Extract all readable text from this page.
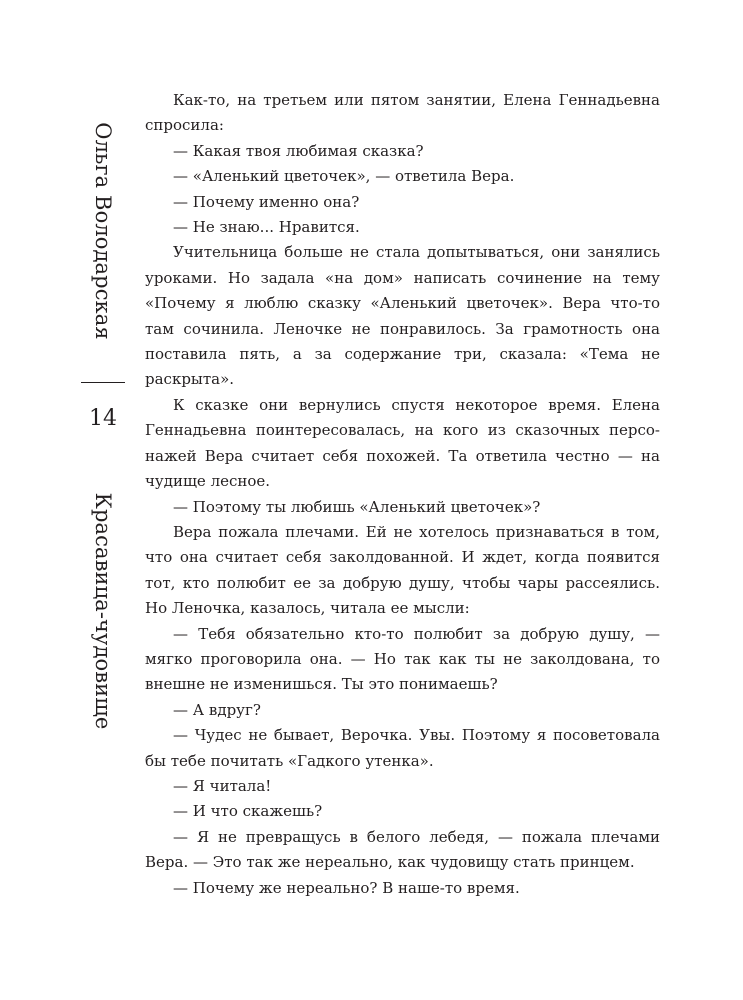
Ольга Володарская
14
Красавица-чудовище

Как-то, на третьем или пятом занятии, Елена Геннадьевна спросила:

— Какая твоя любимая сказка?

— «Аленький цветочек», — ответила Вера.

— Почему именно она?

— Не знаю... Нравится.

Учительница больше не стала допытываться, они занялись уроками. Но задала «на дом» написать сочинение на тему «Почему я люблю сказку «Аленький цветочек». Вера что-то там сочинила. Леночке не понравилось. За грамотность она поставила пять, а за содержание три, сказала: «Тема не раскрыта».

К сказке они вернулись спустя некоторое время. Елена Геннадьевна поинтересовалась, на кого из сказочных персонажей Вера считает себя похожей. Та ответила честно — на чудище лесное.

— Поэтому ты любишь «Аленький цветочек»?

Вера пожала плечами. Ей не хотелось признаваться в том, что она считает себя заколдованной. И ждет, когда появится тот, кто полюбит ее за добрую душу, чтобы чары рассеялись. Но Леночка, казалось, читала ее мысли:

— Тебя обязательно кто-то полюбит за добрую душу, — мягко проговорила она. — Но так как ты не заколдована, то внешне не изменишься. Ты это понимаешь?

— А вдруг?

— Чудес не бывает, Верочка. Увы. Поэтому я посоветовала бы тебе почитать «Гадкого утенка».

— Я читала!

— И что скажешь?

— Я не превращусь в белого лебедя, — пожала плечами Вера. — Это так же нереально, как чудовищу стать принцем.

— Почему же нереально? В наше-то время.
